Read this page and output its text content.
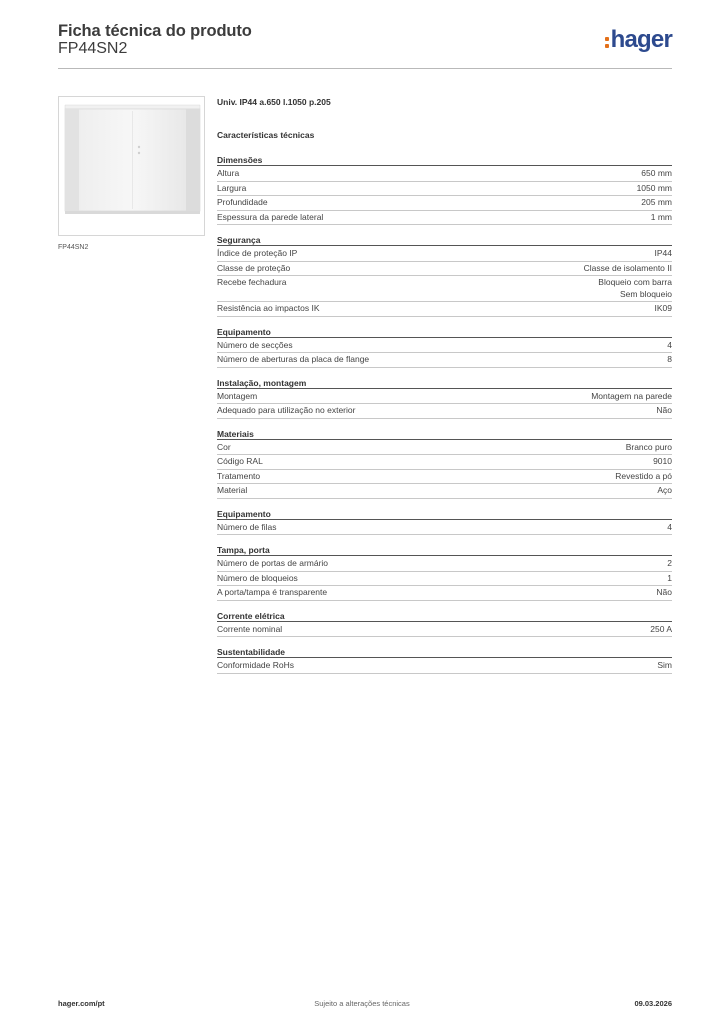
Ficha técnica do produto
FP44SN2	hager
FP44SN2
Univ. IP44 a.650 l.1050 p.205
Características técnicas
Dimensões
Altura	650 mm
Largura	1050 mm
Profundidade	205 mm
Espessura da parede lateral	1 mm
Segurança
Índice de proteção IP	IP44
Classe de proteção	Classe de isolamento II
Recebe fechadura	Bloqueio com barra
Sem bloqueio
Resistência ao impactos IK	IK09
Equipamento
Número de secções	4
Número de aberturas da placa de flange	8
Instalação, montagem
Montagem	Montagem na parede
Adequado para utilização no exterior	Não
Materiais
Cor	Branco puro
Código RAL	9010
Tratamento	Revestido a pó
Material	Aço
Equipamento
Número de filas	4
Tampa, porta
Número de portas de armário	2
Número de bloqueios	1
A porta/tampa é transparente	Não
Corrente elétrica
Corrente nominal	250 A
Sustentabilidade
Conformidade RoHs	Sim
hager.com/pt	Sujeito a alterações técnicas	09.03.2026
